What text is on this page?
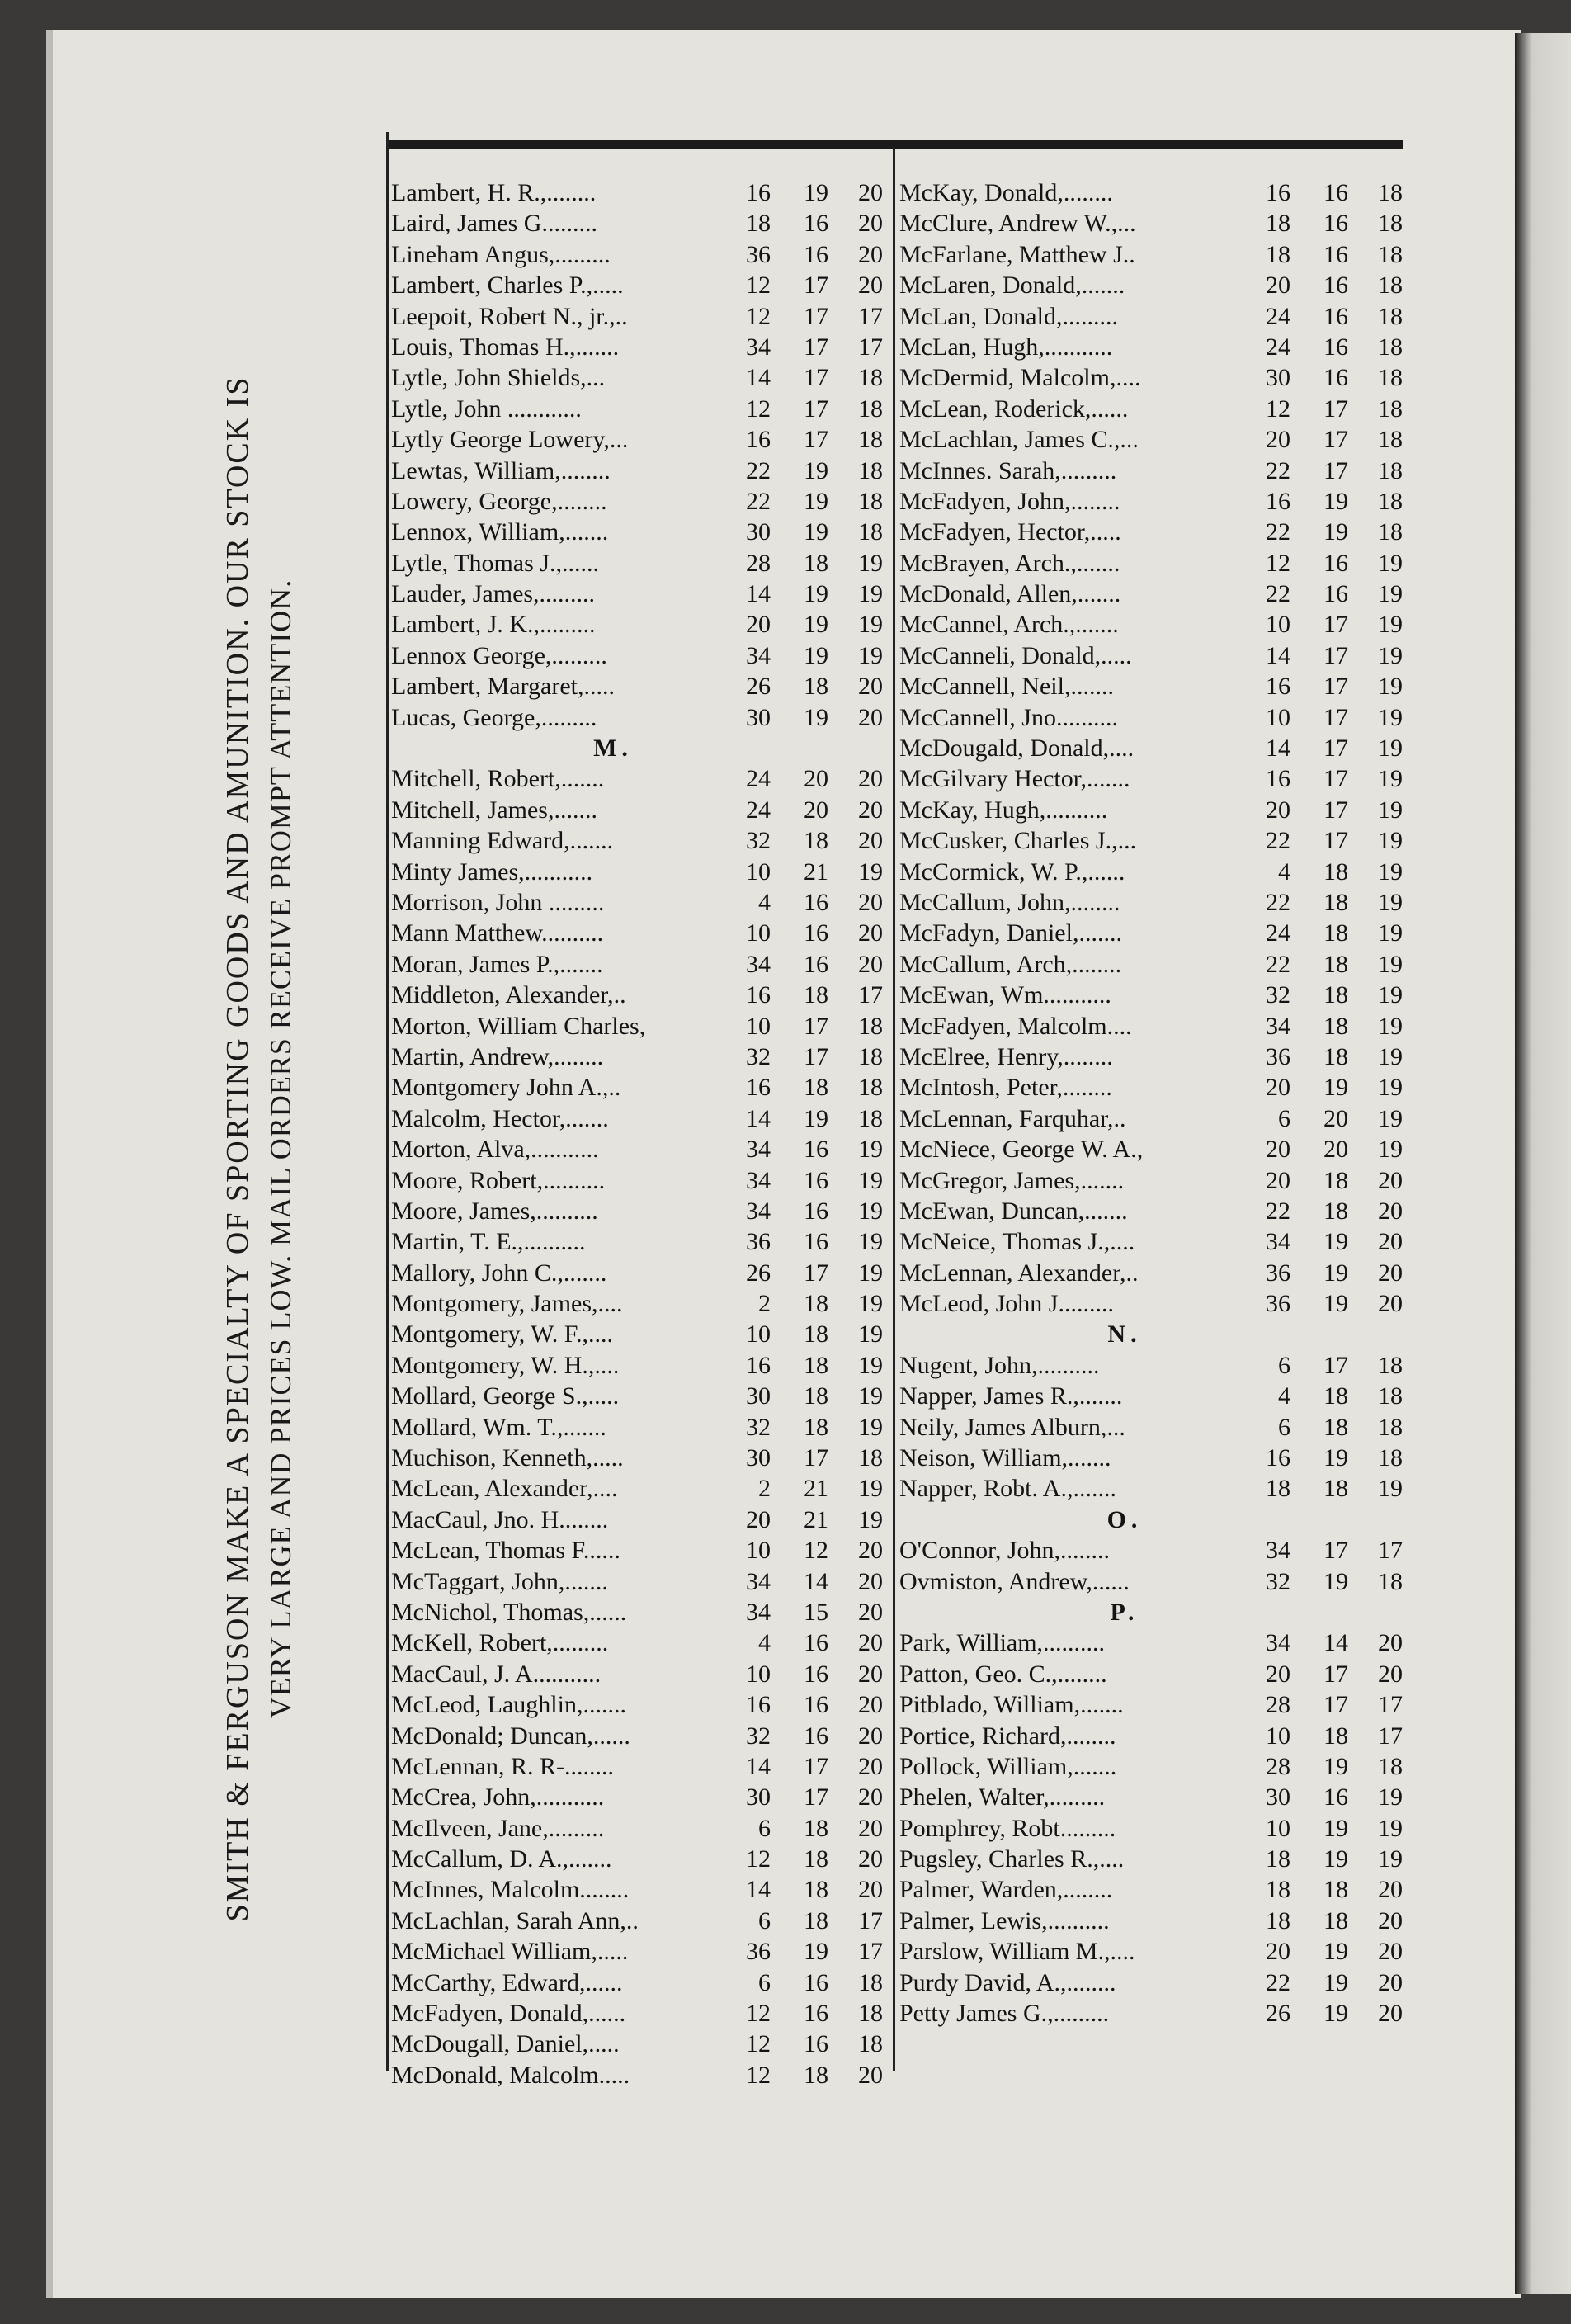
SMITH & FERGUSON MAKE A SPECIALTY OF SPORTING GOODS AND AMUNITION. OUR STOCK IS VERY LARGE AND PRICES LOW. MAIL ORDERS RECEIVE PROMPT ATTENTION.
Lambert, H. R.,........	16	19	20
Laird, James G.........	18	16	20
Lineham Angus,.........	36	16	20
Lambert, Charles P.,.....	12	17	20
Leepoit, Robert N., jr.,..	12	17	17
Louis, Thomas H.,.......	34	17	17
Lytle, John Shields,...	14	17	18
Lytle, John ............	12	17	18
Lytly George Lowery,...	16	17	18
Lewtas, William,........	22	19	18
Lowery, George,........	22	19	18
Lennox, William,.......	30	19	18
Lytle, Thomas J.,......	28	18	19
Lauder, James,.........	14	19	19
Lambert, J. K.,.........	20	19	19
Lennox George,.........	34	19	19
Lambert, Margaret,.....	26	18	20
Lucas, George,.........	30	19	20
M.
Mitchell, Robert,.......	24	20	20
Mitchell, James,.......	24	20	20
Manning Edward,.......	32	18	20
Minty James,...........	10	21	19
Morrison, John .........	4	16	20
Mann Matthew..........	10	16	20
Moran, James P.,.......	34	16	20
Middleton, Alexander,..	16	18	17
Morton, William Charles,	10	17	18
Martin, Andrew,........	32	17	18
Montgomery John A.,..	16	18	18
Malcolm, Hector,.......	14	19	18
Morton, Alva,...........	34	16	19
Moore, Robert,..........	34	16	19
Moore, James,..........	34	16	19
Martin, T. E.,..........	36	16	19
Mallory, John C.,.......	26	17	19
Montgomery, James,....	2	18	19
Montgomery, W. F.,....	10	18	19
Montgomery, W. H.,....	16	18	19
Mollard, George S.,.....	30	18	19
Mollard, Wm. T.,.......	32	18	19
Muchison, Kenneth,.....	30	17	18
McLean, Alexander,....	2	21	19
MacCaul, Jno. H........	20	21	19
McLean, Thomas F......	10	12	20
McTaggart, John,.......	34	14	20
McNichol, Thomas,......	34	15	20
McKell, Robert,.........	4	16	20
MacCaul, J. A...........	10	16	20
McLeod, Laughlin,.......	16	16	20
McDonald; Duncan,......	32	16	20
McLennan, R. R-........	14	17	20
McCrea, John,...........	30	17	20
McIlveen, Jane,.........	6	18	20
McCallum, D. A.,.......	12	18	20
McInnes, Malcolm........	14	18	20
McLachlan, Sarah Ann,..	6	18	17
McMichael William,.....	36	19	17
McCarthy, Edward,......	6	16	18
McFadyen, Donald,......	12	16	18
McDougall, Daniel,.....	12	16	18
McDonald, Malcolm.....	12	18	20
McKay, Donald,........	16	16	18
McClure, Andrew W.,...	18	16	18
McFarlane, Matthew J..	18	16	18
McLaren, Donald,.......	20	16	18
McLan, Donald,.........	24	16	18
McLan, Hugh,...........	24	16	18
McDermid, Malcolm,....	30	16	18
McLean, Roderick,......	12	17	18
McLachlan, James C.,...	20	17	18
McInnes. Sarah,.........	22	17	18
McFadyen, John,........	16	19	18
McFadyen, Hector,.....	22	19	18
McBrayen, Arch.,.......	12	16	19
McDonald, Allen,.......	22	16	19
McCannel, Arch.,.......	10	17	19
McCanneli, Donald,.....	14	17	19
McCannell, Neil,.......	16	17	19
McCannell, Jno..........	10	17	19
McDougald, Donald,....	14	17	19
McGilvary Hector,.......	16	17	19
McKay, Hugh,..........	20	17	19
McCusker, Charles J.,...	22	17	19
McCormick, W. P.,......	4	18	19
McCallum, John,........	22	18	19
McFadyn, Daniel,.......	24	18	19
McCallum, Arch,........	22	18	19
McEwan, Wm...........	32	18	19
McFadyen, Malcolm....	34	18	19
McElree, Henry,........	36	18	19
McIntosh, Peter,........	20	19	19
McLennan, Farquhar,..	6	20	19
McNiece, George W. A.,	20	20	19
McGregor, James,.......	20	18	20
McEwan, Duncan,.......	22	18	20
McNeice, Thomas J.,....	34	19	20
McLennan, Alexander,..	36	19	20
McLeod, John J.........	36	19	20
N.
Nugent, John,..........	6	17	18
Napper, James R.,.......	4	18	18
Neily, James Alburn,...	6	18	18
Neison, William,.......	16	19	18
Napper, Robt. A.,.......	18	18	19
O.
O'Connor, John,........	34	17	17
Ovmiston, Andrew,......	32	19	18
P.
Park, William,..........	34	14	20
Patton, Geo. C.,........	20	17	20
Pitblado, William,.......	28	17	17
Portice, Richard,........	10	18	17
Pollock, William,.......	28	19	18
Phelen, Walter,.........	30	16	19
Pomphrey, Robt.........	10	19	19
Pugsley, Charles R.,....	18	19	19
Palmer, Warden,........	18	18	20
Palmer, Lewis,..........	18	18	20
Parslow, William M.,....	20	19	20
Purdy David, A.,........	22	19	20
Petty James G.,.........	26	19	20
